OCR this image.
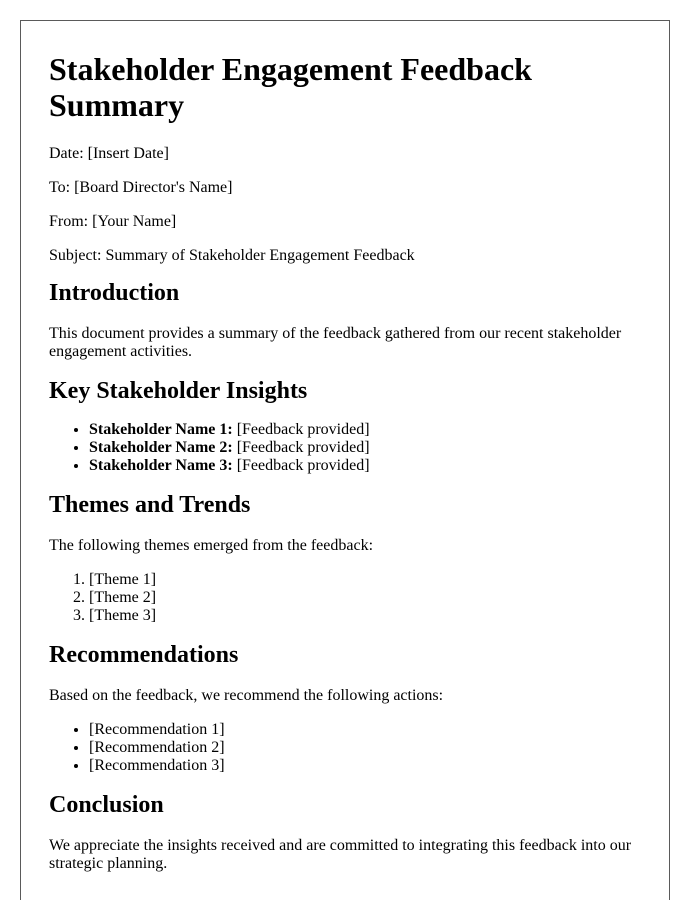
Stakeholder Engagement Feedback Summary

Date: [Insert Date]

To: [Board Director's Name]

From: [Your Name]

Subject: Summary of Stakeholder Engagement Feedback

Introduction

This document provides a summary of the feedback gathered from our recent stakeholder engagement activities.

Key Stakeholder Insights
• Stakeholder Name 1: [Feedback provided]
• Stakeholder Name 2: [Feedback provided]
• Stakeholder Name 3: [Feedback provided]
Themes and Trends

The following themes emerged from the feedback:

1. [Theme 1]
2. [Theme 2]
3. [Theme 3]
Recommendations

Based on the feedback, we recommend the following actions:

• [Recommendation 1]
• [Recommendation 2]
• [Recommendation 3]
Conclusion

We appreciate the insights received and are committed to integrating this feedback into our strategic planning.
